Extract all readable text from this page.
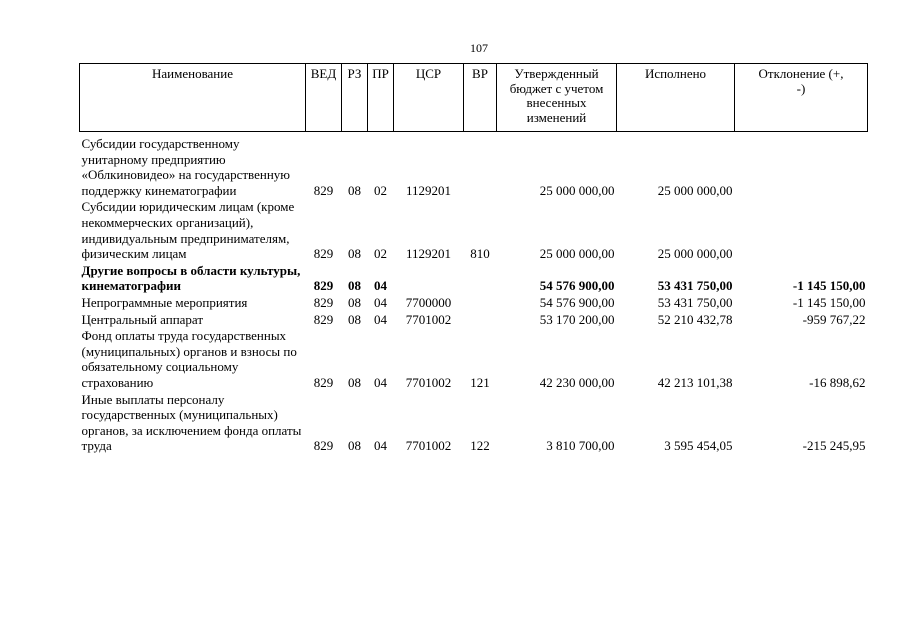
107
Наименование	ВЕД	РЗ	ПР	ЦСР	ВР	Утвержденный бюджет с учетом внесенных изменений	Исполнено	Отклонение (+, -)
Субсидии государственному унитарному предприятию «Облкиновидео» на государственную поддержку кинематографии	829	08	02	1129201		25 000 000,00	25 000 000,00	
Субсидии юридическим лицам (кроме некоммерческих организаций), индивидуальным предпринимателям, физическим лицам	829	08	02	1129201	810	25 000 000,00	25 000 000,00	
Другие вопросы в области культуры, кинематографии	829	08	04			54 576 900,00	53 431 750,00	-1 145 150,00
Непрограммные мероприятия	829	08	04	7700000		54 576 900,00	53 431 750,00	-1 145 150,00
Центральный аппарат	829	08	04	7701002		53 170 200,00	52 210 432,78	-959 767,22
Фонд оплаты труда государственных (муниципальных) органов и взносы по обязательному социальному страхованию	829	08	04	7701002	121	42 230 000,00	42 213 101,38	-16 898,62
Иные выплаты персоналу государственных (муниципальных) органов, за исключением фонда оплаты труда	829	08	04	7701002	122	3 810 700,00	3 595 454,05	-215 245,95
